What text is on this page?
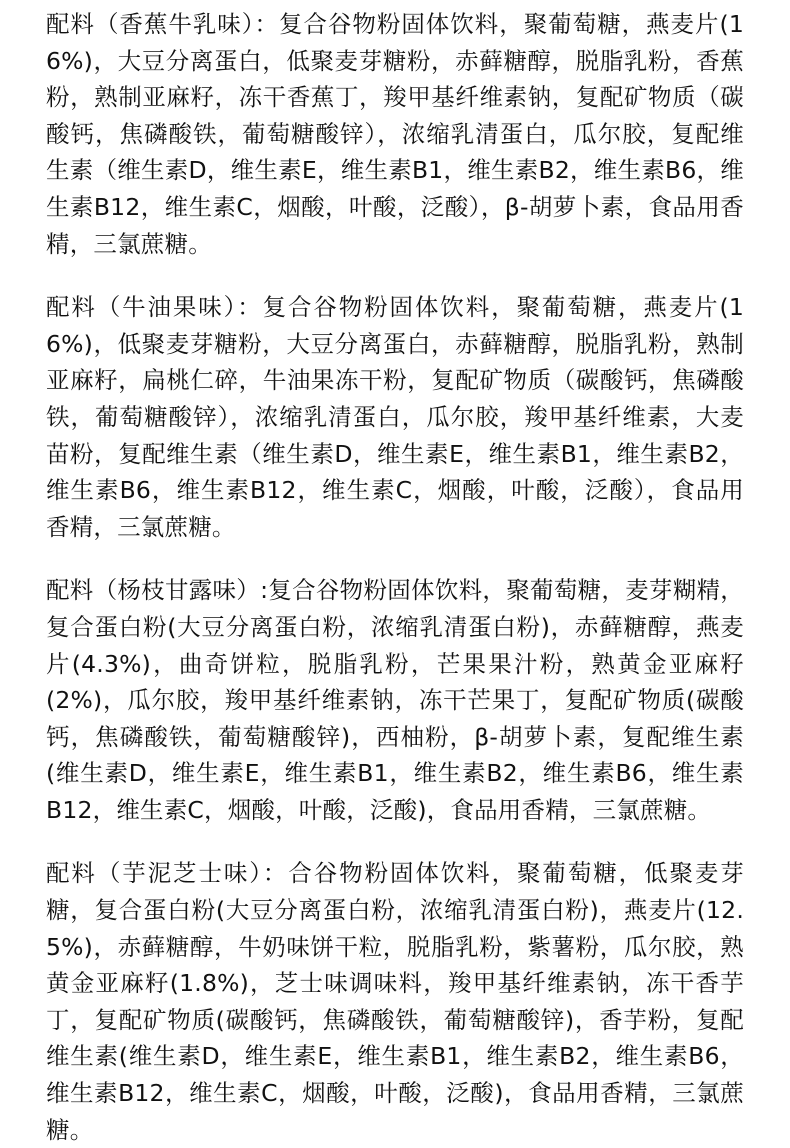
配料（香蕉牛乳味）：复合谷物粉固体饮料，聚葡萄糖，燕麦片(16%)，大豆分离蛋白，低聚麦芽糖粉，赤藓糖醇，脱脂乳粉，香蕉粉，熟制亚麻籽，冻干香蕉丁，羧甲基纤维素钠，复配矿物质（碳酸钙，焦磷酸铁，葡萄糖酸锌），浓缩乳清蛋白，瓜尔胶，复配维生素（维生素D，维生素E，维生素B1，维生素B2，维生素B6，维生素B12，维生素C，烟酸，叶酸，泛酸），β-胡萝卜素，食品用香精，三氯蔗糖。

配料（牛油果味）：复合谷物粉固体饮料，聚葡萄糖，燕麦片(16%)，低聚麦芽糖粉，大豆分离蛋白，赤藓糖醇，脱脂乳粉，熟制亚麻籽，扁桃仁碎，牛油果冻干粉，复配矿物质（碳酸钙，焦磷酸铁，葡萄糖酸锌），浓缩乳清蛋白，瓜尔胶，羧甲基纤维素，大麦苗粉，复配维生素（维生素D，维生素E，维生素B1，维生素B2，维生素B6，维生素B12，维生素C，烟酸，叶酸，泛酸），食品用香精，三氯蔗糖。

配料（杨枝甘露味）:复合谷物粉固体饮料，聚葡萄糖，麦芽糊精，复合蛋白粉(大豆分离蛋白粉，浓缩乳清蛋白粉)，赤藓糖醇，燕麦片(4.3%)，曲奇饼粒，脱脂乳粉，芒果果汁粉，熟黄金亚麻籽(2%)，瓜尔胶，羧甲基纤维素钠，冻干芒果丁，复配矿物质(碳酸钙，焦磷酸铁，葡萄糖酸锌)，西柚粉，β-胡萝卜素，复配维生素(维生素D，维生素E，维生素B1，维生素B2，维生素B6，维生素B12，维生素C，烟酸，叶酸，泛酸)，食品用香精，三氯蔗糖。

配料（芋泥芝士味）：合谷物粉固体饮料，聚葡萄糖，低聚麦芽糖，复合蛋白粉(大豆分离蛋白粉，浓缩乳清蛋白粉)，燕麦片(12.5%)，赤藓糖醇，牛奶味饼干粒，脱脂乳粉，紫薯粉，瓜尔胶，熟黄金亚麻籽(1.8%)，芝士味调味料，羧甲基纤维素钠，冻干香芋丁，复配矿物质(碳酸钙，焦磷酸铁，葡萄糖酸锌)，香芋粉，复配维生素(维生素D，维生素E，维生素B1，维生素B2，维生素B6，维生素B12，维生素C，烟酸，叶酸，泛酸)，食品用香精，三氯蔗糖。
